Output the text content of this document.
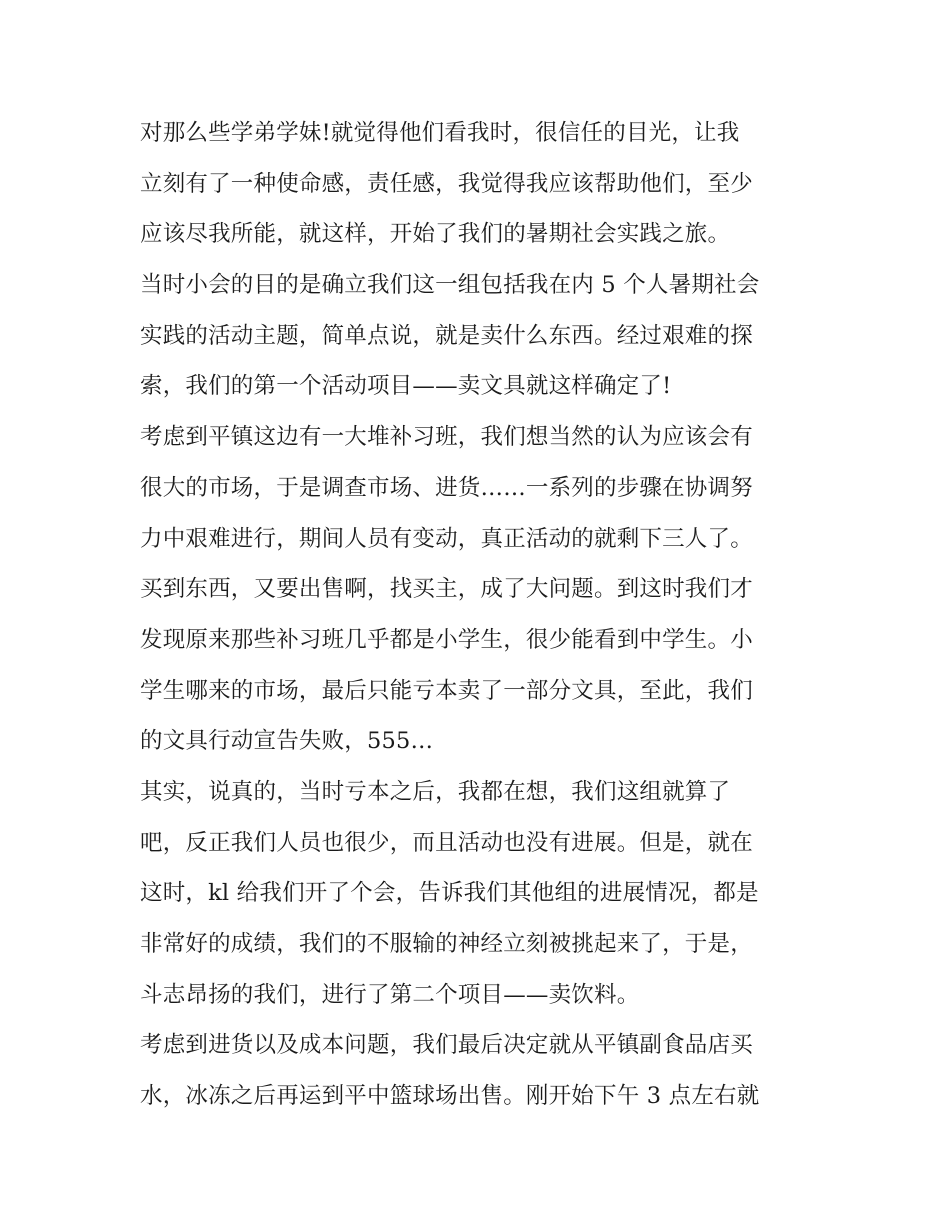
对那么些学弟学妹!就觉得他们看我时，很信任的目光，让我
立刻有了一种使命感，责任感，我觉得我应该帮助他们，至少
应该尽我所能，就这样，开始了我们的暑期社会实践之旅。
当时小会的目的是确立我们这一组包括我在内 5 个人暑期社会
实践的活动主题，简单点说，就是卖什么东西。经过艰难的探
索，我们的第一个活动项目——卖文具就这样确定了!
考虑到平镇这边有一大堆补习班，我们想当然的认为应该会有
很大的市场，于是调查市场、进货……一系列的步骤在协调努
力中艰难进行，期间人员有变动，真正活动的就剩下三人了。
买到东西，又要出售啊，找买主，成了大问题。到这时我们才
发现原来那些补习班几乎都是小学生，很少能看到中学生。小
学生哪来的市场，最后只能亏本卖了一部分文具，至此，我们
的文具行动宣告失败，555…
其实，说真的，当时亏本之后，我都在想，我们这组就算了
吧，反正我们人员也很少，而且活动也没有进展。但是，就在
这时，kl 给我们开了个会，告诉我们其他组的进展情况，都是
非常好的成绩，我们的不服输的神经立刻被挑起来了，于是，
斗志昂扬的我们，进行了第二个项目——卖饮料。
考虑到进货以及成本问题，我们最后决定就从平镇副食品店买
水，冰冻之后再运到平中篮球场出售。刚开始下午 3 点左右就
